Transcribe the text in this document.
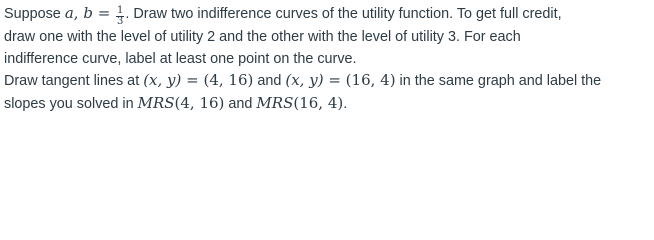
Suppose a, $b = \frac{1}{3}$ . Draw two indifference curves of the utility function. To get full credit,
draw one with the level of utility 2 and the other with the level of utility 3. For each
indifference curve, label at least one point on the curve.
Draw tangent lines at (x, y) = (4, 16) and (x, y) = (16, 4) in the same graph and label the
slopes you solved in MRS(4, 16) and MRS(16, 4).
